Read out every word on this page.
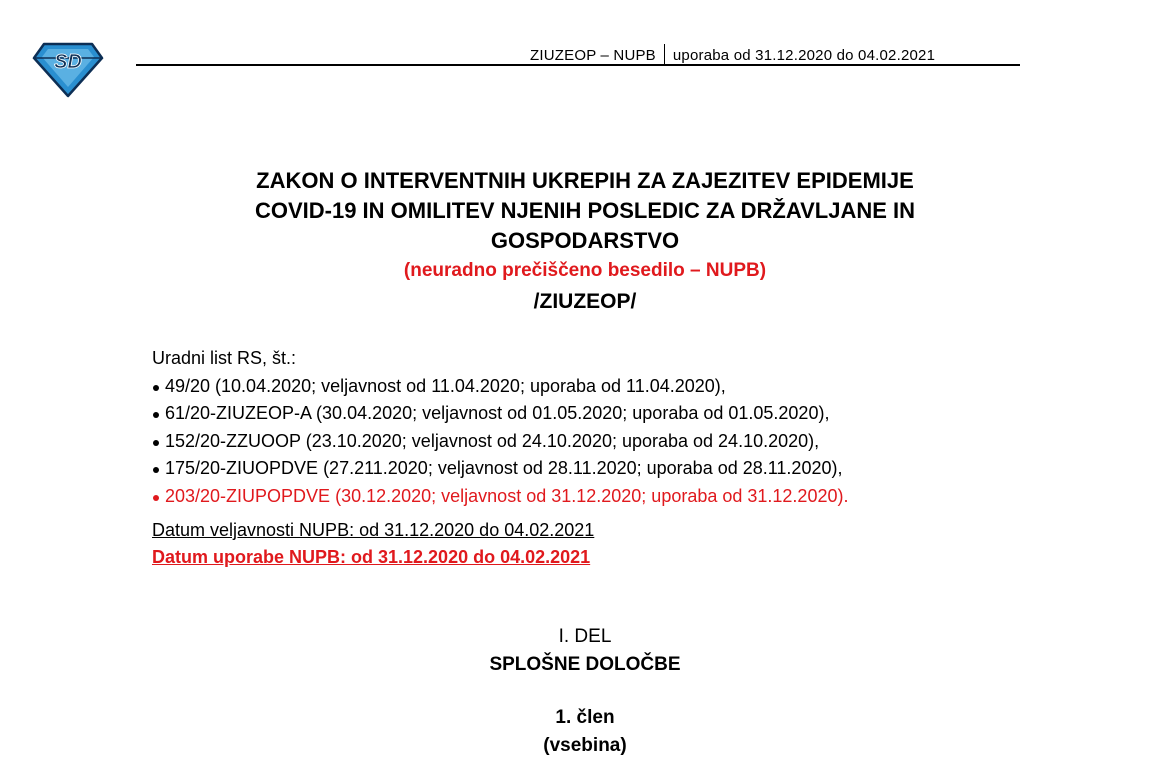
SD	ZIUZEOP – NUPB uporaba od 31.12.2020 do 04.02.2021
ZAKON O INTERVENTNIH UKREPIH ZA ZAJEZITEV EPIDEMIJE
COVID-19 IN OMILITEV NJENIH POSLEDIC ZA DRŽAVLJANE IN
GOSPODARSTVO
(neuradno prečiščeno besedilo – NUPB)
/ZIUZEOP/
Uradni list RS, št.:
49/20 (10.04.2020; veljavnost od 11.04.2020; uporaba od 11.04.2020),
61/20-ZIUZEOP-A (30.04.2020; veljavnost od 01.05.2020; uporaba od 01.05.2020),
152/20-ZZUOOP (23.10.2020; veljavnost od 24.10.2020; uporaba od 24.10.2020),
175/20-ZIUOPDVE (27.211.2020; veljavnost od 28.11.2020; uporaba od 28.11.2020),
203/20-ZIUPOPDVE (30.12.2020; veljavnost od 31.12.2020; uporaba od 31.12.2020).
Datum veljavnosti NUPB: od 31.12.2020 do 04.02.2021
Datum uporabe NUPB: od 31.12.2020 do 04.02.2021
I. DEL
SPLOŠNE DOLOČBE
1. člen
(vsebina)
